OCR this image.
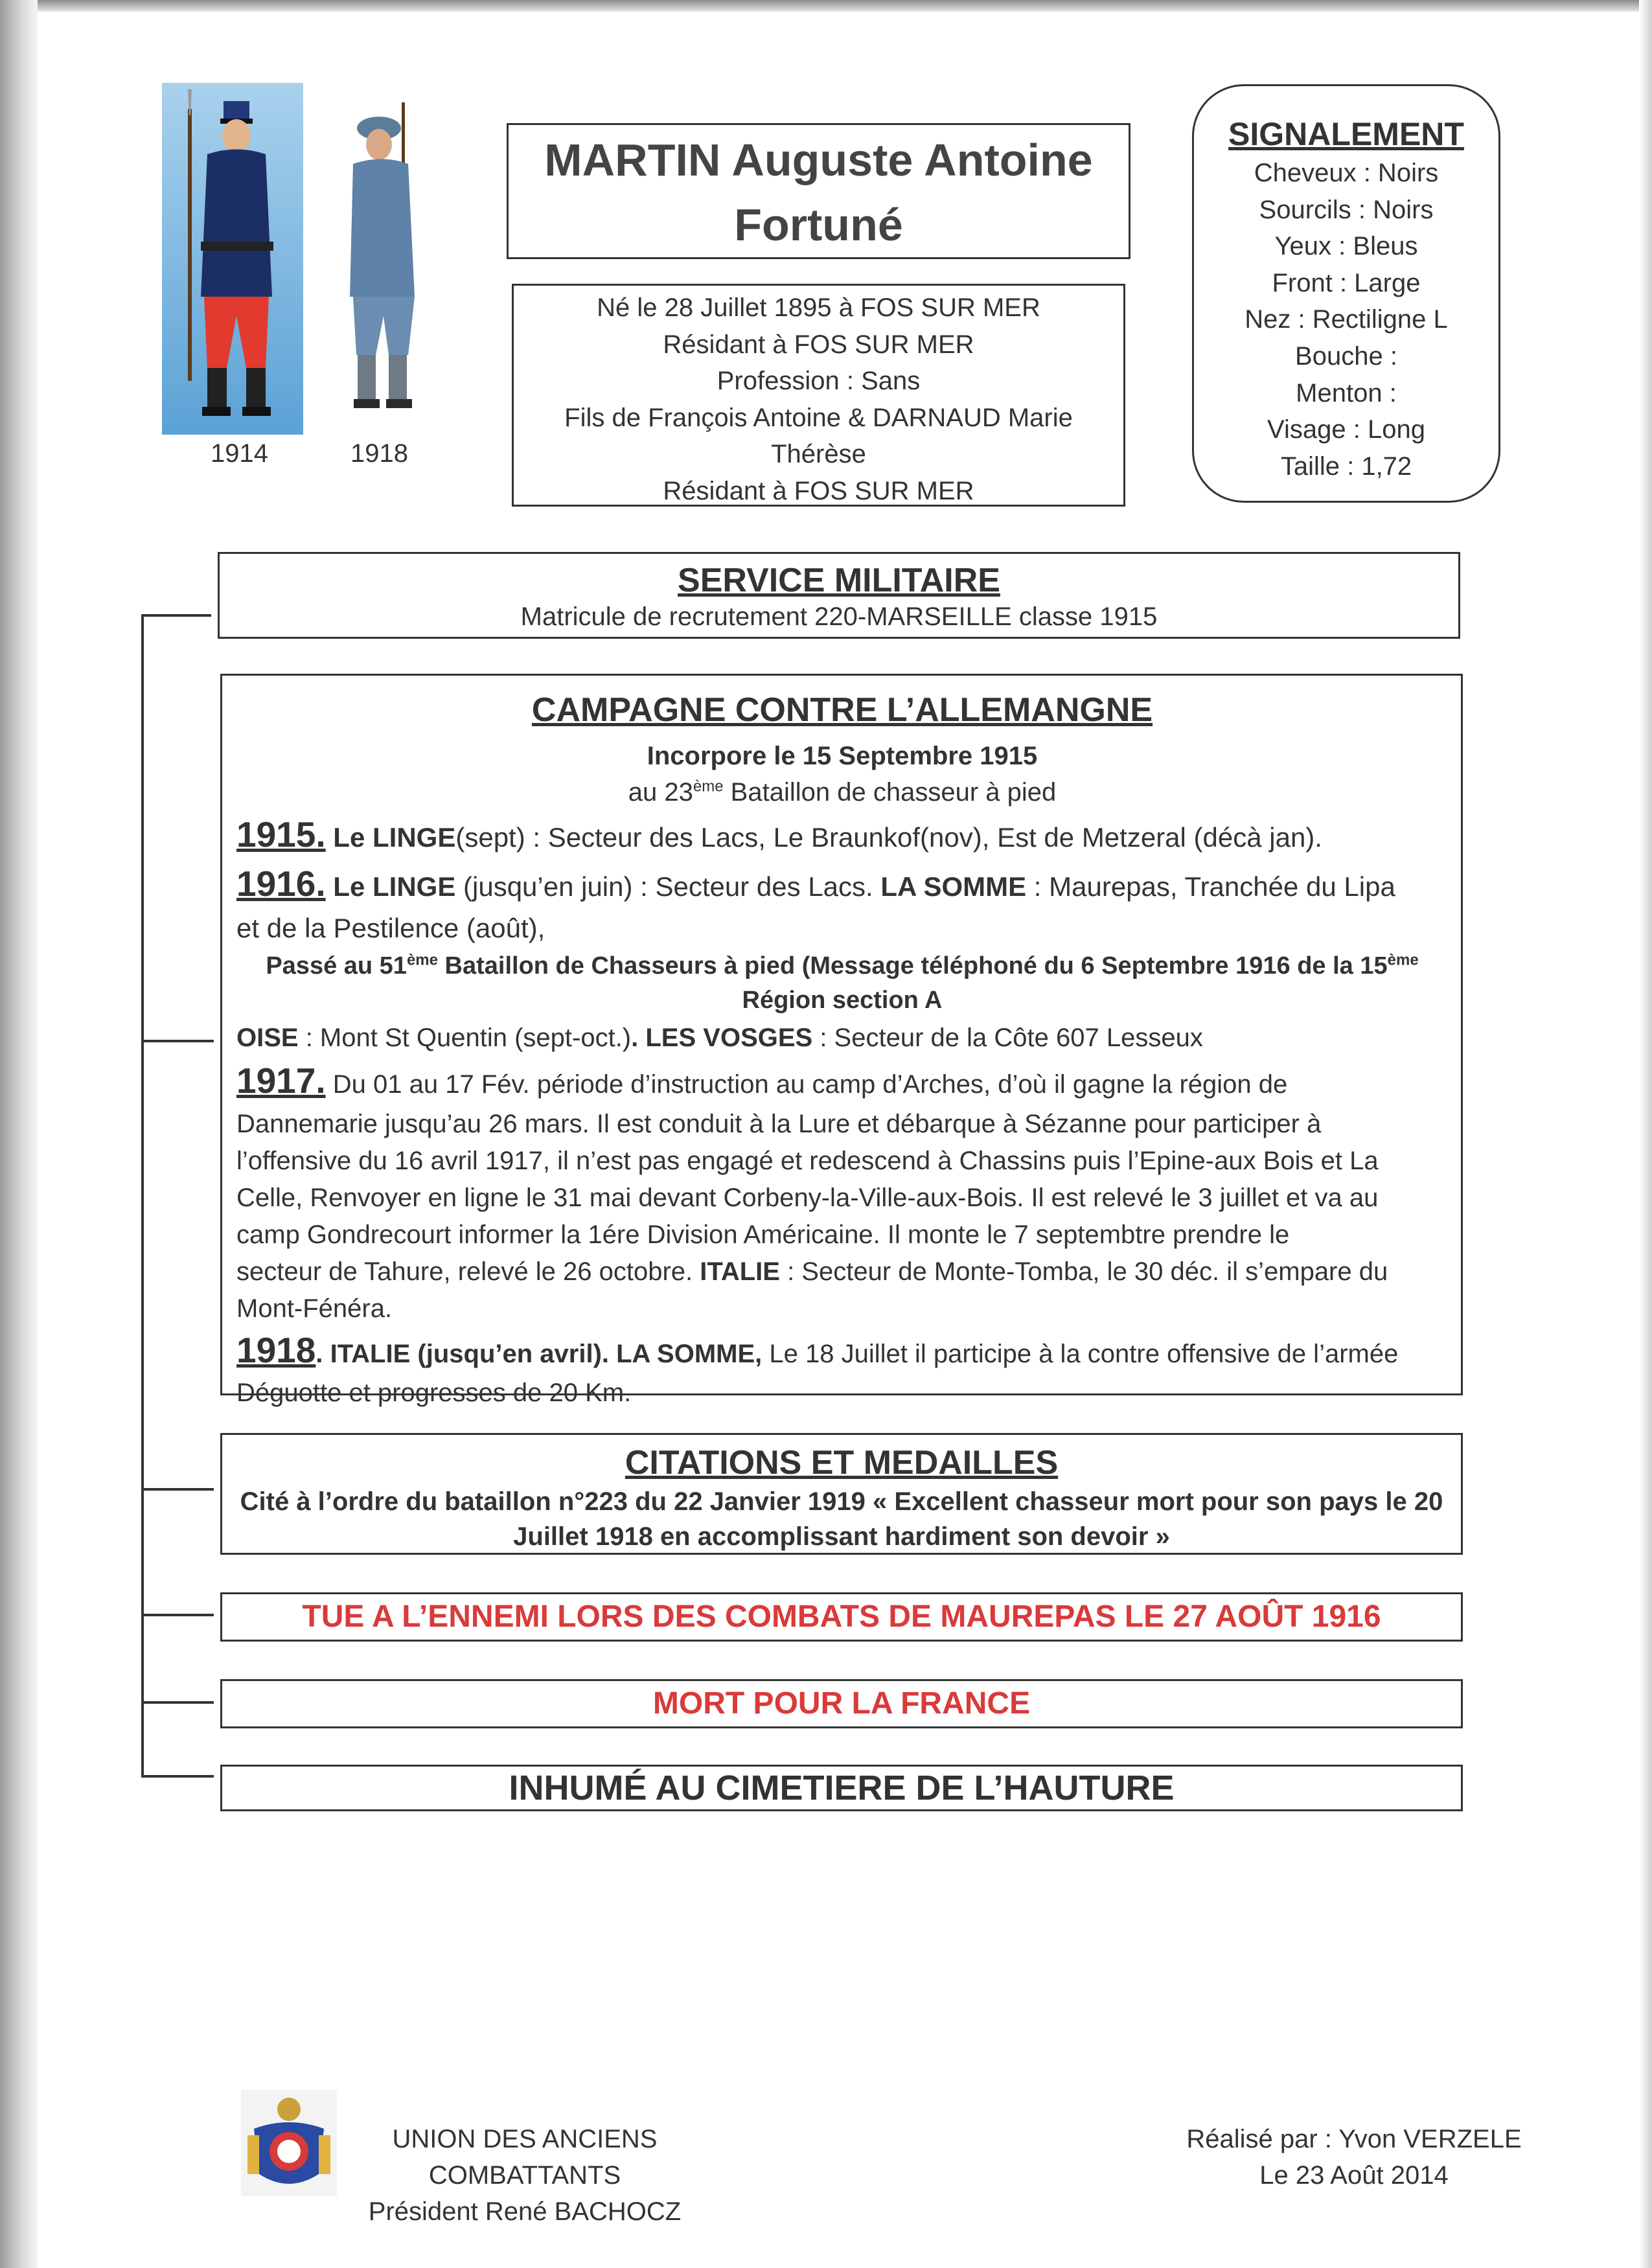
1914	1918
MARTIN Auguste Antoine
Fortuné
Né le 28 Juillet 1895 à FOS SUR MER
Résidant à FOS SUR MER
Profession : Sans
Fils de François Antoine & DARNAUD Marie
Thérèse
Résidant à FOS SUR MER
SIGNALEMENT
Cheveux : Noirs
Sourcils : Noirs
Yeux : Bleus
Front : Large
Nez : Rectiligne L
Bouche :
Menton :
Visage : Long
Taille : 1,72
SERVICE MILITAIRE
Matricule de recrutement 220-MARSEILLE classe 1915
CAMPAGNE CONTRE L’ALLEMANGNE
Incorpore le 15 Septembre 1915
au 23ème Bataillon de chasseur à pied
1915. Le LINGE(sept) : Secteur des Lacs, Le Braunkof(nov), Est de Metzeral (décà jan).
1916. Le LINGE (jusqu’en juin) : Secteur des Lacs. LA SOMME : Maurepas, Tranchée du Lipa
et de la Pestilence (août),
Passé au 51ème Bataillon de Chasseurs à pied (Message téléphoné du 6 Septembre 1916 de la 15ème
Région section A
OISE : Mont St Quentin (sept-oct.). LES VOSGES : Secteur de la Côte 607 Lesseux
1917. Du 01 au 17 Fév. période d’instruction au camp d’Arches, d’où il gagne la région de
Dannemarie jusqu’au 26 mars. Il est conduit à la Lure et débarque à Sézanne pour participer à
l’offensive du 16 avril 1917, il n’est pas engagé et redescend à Chassins puis l’Epine-aux Bois et La
Celle, Renvoyer en ligne le 31 mai devant Corbeny-la-Ville-aux-Bois. Il est relevé le 3 juillet et va au
camp Gondrecourt informer la 1ére Division Américaine. Il monte le 7 septembtre prendre le
secteur de Tahure, relevé le 26 octobre. ITALIE : Secteur de Monte-Tomba, le 30 déc. il s’empare du
Mont-Fénéra.
1918. ITALIE (jusqu’en avril). LA SOMME, Le 18 Juillet il participe à la contre offensive de l’armée
Déguotte et progresses de 20 Km.
CITATIONS ET MEDAILLES
Cité à l’ordre du bataillon n°223 du 22 Janvier 1919 « Excellent chasseur mort pour son pays le 20
Juillet 1918 en accomplissant hardiment son devoir »
TUE A L’ENNEMI LORS DES COMBATS DE MAUREPAS LE 27 AOÛT 1916
MORT POUR LA FRANCE
INHUMÉ AU CIMETIERE DE L’HAUTURE
UNION DES ANCIENS COMBATTANTS
Président René BACHOCZ
Réalisé par : Yvon VERZELE
Le 23 Août 2014
